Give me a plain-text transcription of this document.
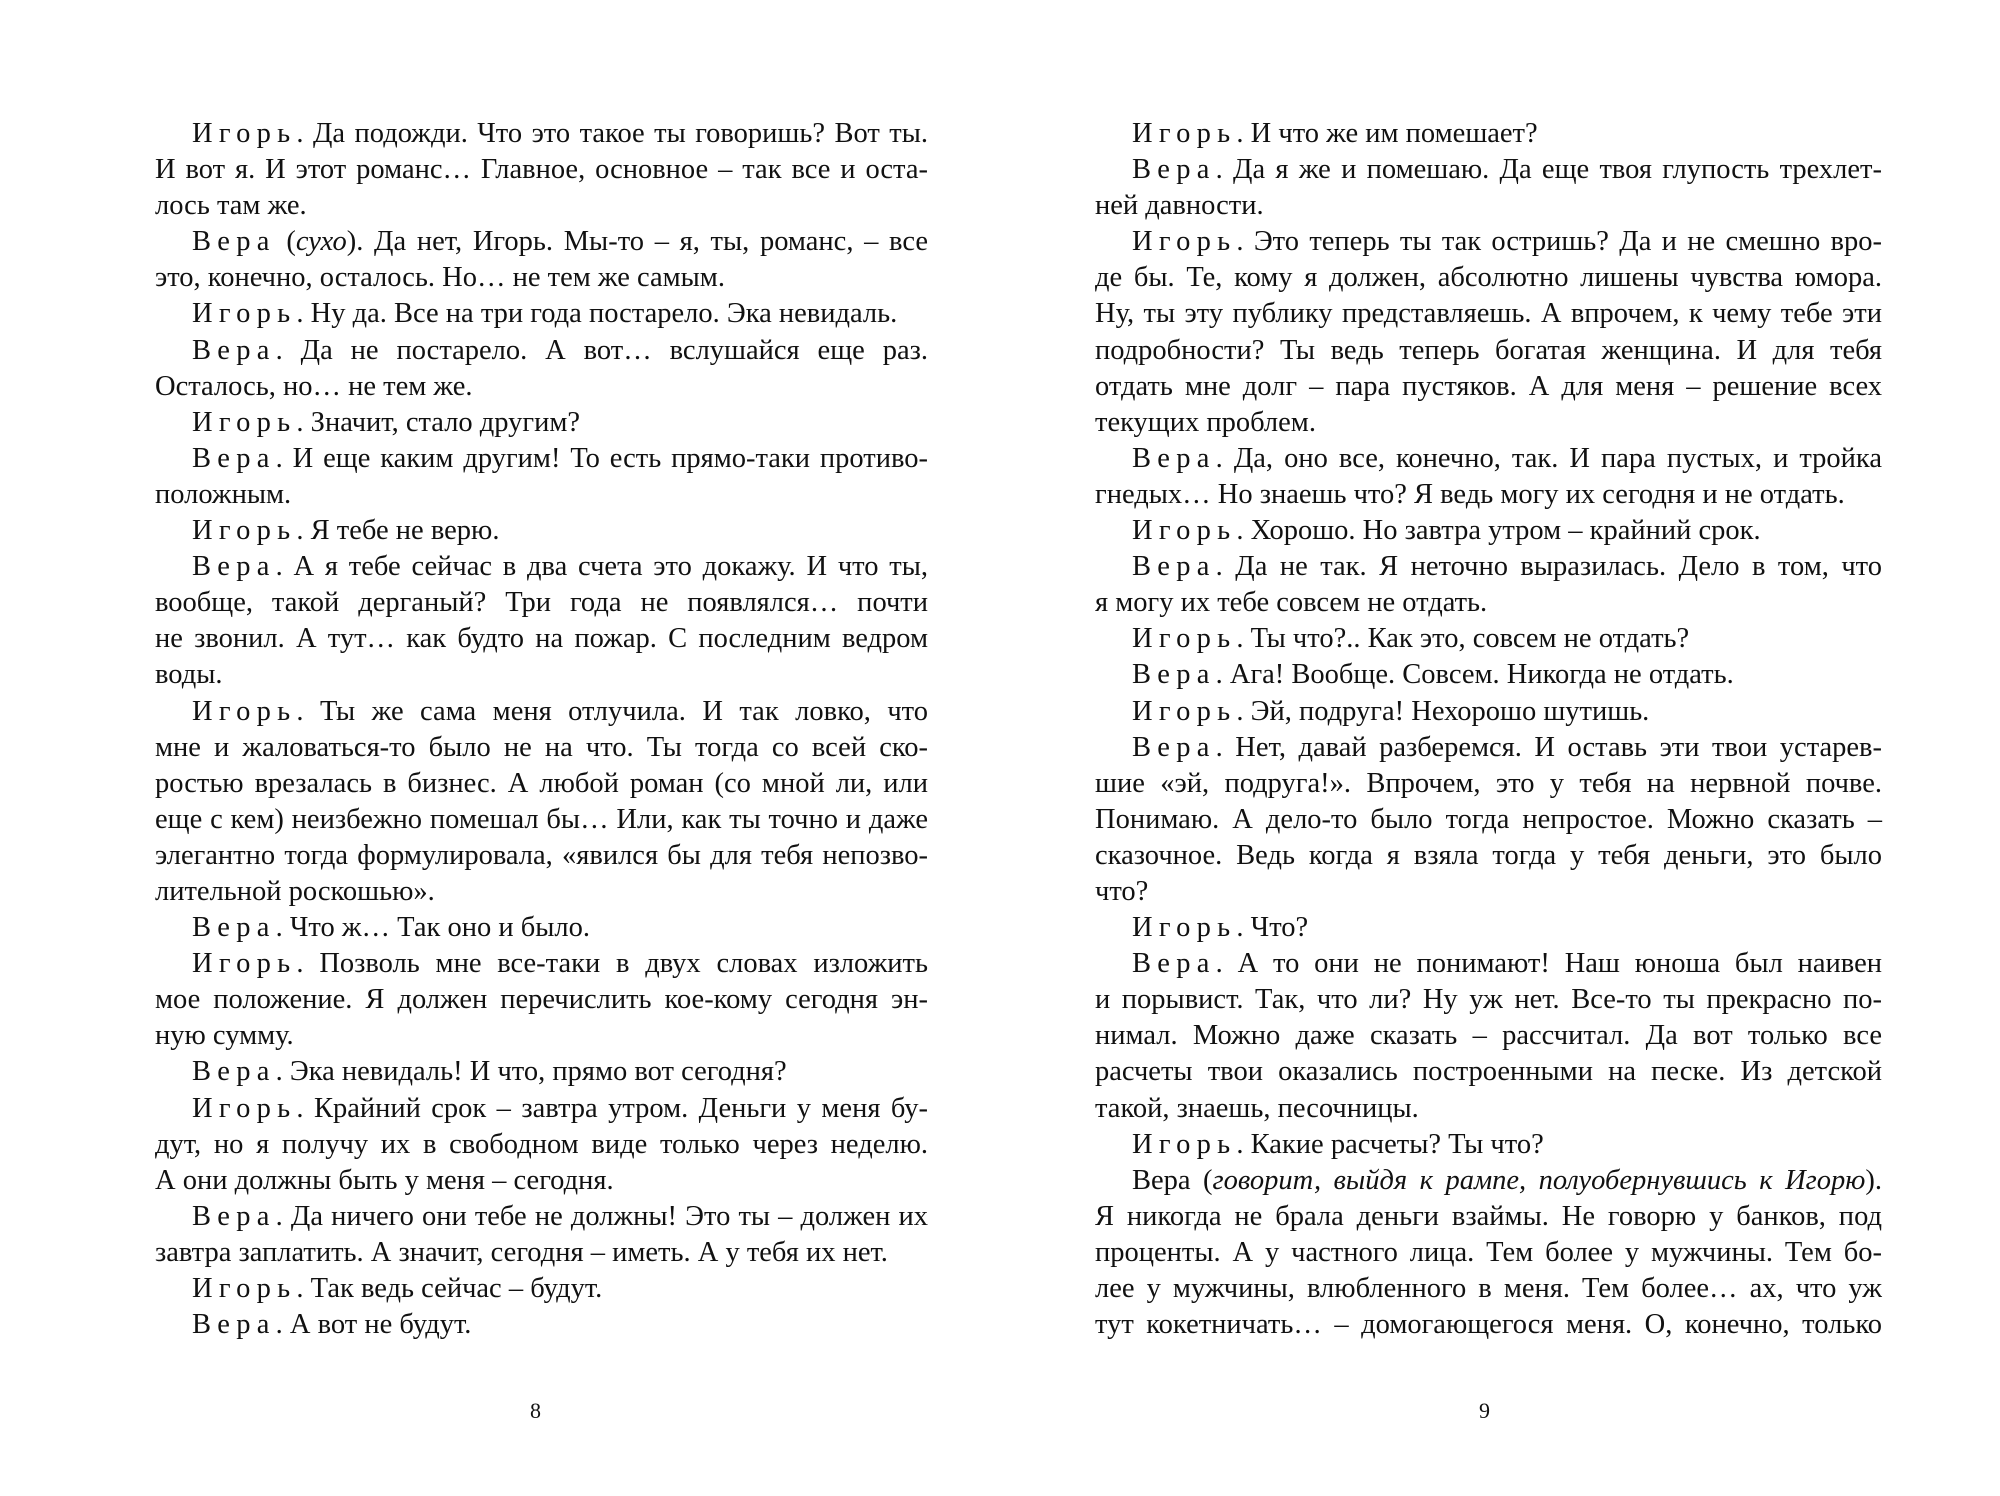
Игорь. Да подожди. Что это такое ты говоришь? Вот ты.
И вот я. И этот романс… Главное, основное – так все и оста-
лось там же.
Вера (сухо). Да нет, Игорь. Мы-то – я, ты, романс, – все
это, конечно, осталось. Но… не тем же самым.
Игорь. Ну да. Все на три года постарело. Эка невидаль.
Вера. Да не постарело. А вот… вслушайся еще раз.
Осталось, но… не тем же.
Игорь. Значит, стало другим?
Вера. И еще каким другим! То есть прямо-таки противо-
положным.
Игорь. Я тебе не верю.
Вера. А я тебе сейчас в два счета это докажу. И что ты,
вообще, такой дерганый? Три года не появлялся… почти
не звонил. А тут… как будто на пожар. С последним ведром
воды.
Игорь. Ты же сама меня отлучила. И так ловко, что
мне и жаловаться-то было не на что. Ты тогда со всей ско-
ростью врезалась в бизнес. А любой роман (со мной ли, или
еще с кем) неизбежно помешал бы… Или, как ты точно и даже
элегантно тогда формулировала, «явился бы для тебя непозво-
лительной роскошью».
Вера. Что ж… Так оно и было.
Игорь. Позволь мне все-таки в двух словах изложить
мое положение. Я должен перечислить кое-кому сегодня эн-
ную сумму.
Вера. Эка невидаль! И что, прямо вот сегодня?
Игорь. Крайний срок – завтра утром. Деньги у меня бу-
дут, но я получу их в свободном виде только через неделю.
А они должны быть у меня – сегодня.
Вера. Да ничего они тебе не должны! Это ты – должен их
завтра заплатить. А значит, сегодня – иметь. А у тебя их нет.
Игорь. Так ведь сейчас – будут.
Вера. А вот не будут.
Игорь. И что же им помешает?
Вера. Да я же и помешаю. Да еще твоя глупость трехлет-
ней давности.
Игорь. Это теперь ты так остришь? Да и не смешно вро-
де бы. Те, кому я должен, абсолютно лишены чувства юмора.
Ну, ты эту публику представляешь. А впрочем, к чему тебе эти
подробности? Ты ведь теперь богатая женщина. И для тебя
отдать мне долг – пара пустяков. А для меня – решение всех
текущих проблем.
Вера. Да, оно все, конечно, так. И пара пустых, и тройка
гнедых… Но знаешь что? Я ведь могу их сегодня и не отдать.
Игорь. Хорошо. Но завтра утром – крайний срок.
Вера. Да не так. Я неточно выразилась. Дело в том, что
я могу их тебе совсем не отдать.
Игорь. Ты что?.. Как это, совсем не отдать?
Вера. Ага! Вообще. Совсем. Никогда не отдать.
Игорь. Эй, подруга! Нехорошо шутишь.
Вера. Нет, давай разберемся. И оставь эти твои устарев-
шие «эй, подруга!». Впрочем, это у тебя на нервной почве.
Понимаю. А дело-то было тогда непростое. Можно сказать –
сказочное. Ведь когда я взяла тогда у тебя деньги, это было
что?
Игорь. Что?
Вера. А то они не понимают! Наш юноша был наивен
и порывист. Так, что ли? Ну уж нет. Все-то ты прекрасно по-
нимал. Можно даже сказать – рассчитал. Да вот только все
расчеты твои оказались построенными на песке. Из детской
такой, знаешь, песочницы.
Игорь. Какие расчеты? Ты что?
Вера (говорит, выйдя к рампе, полуобернувшись к Игорю).
Я никогда не брала деньги взаймы. Не говорю у банков, под
проценты. А у частного лица. Тем более у мужчины. Тем бо-
лее у мужчины, влюбленного в меня. Тем более… ах, что уж
тут кокетничать… – домогающегося меня. О, конечно, только
8	9
